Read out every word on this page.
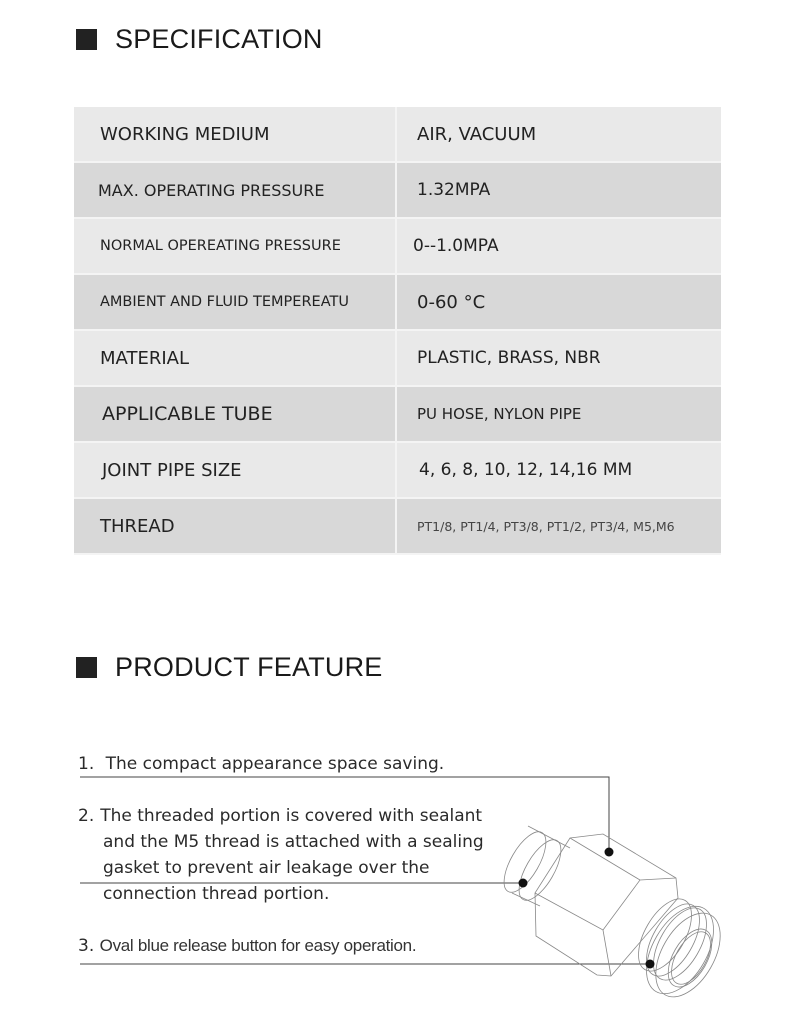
SPECIFICATION
WORKING MEDIUM	AIR, VACUUM
MAX. OPERATING PRESSURE	1.32MPA
NORMAL OPEREATING PRESSURE	0--1.0MPA
AMBIENT AND FLUID TEMPEREATU	0-60 °C
MATERIAL	PLASTIC, BRASS, NBR
APPLICABLE TUBE	PU HOSE, NYLON PIPE
JOINT PIPE SIZE	4, 6, 8, 10, 12, 14,16 MM
THREAD	PT1/8, PT1/4, PT3/8, PT1/2, PT3/4, M5,M6
PRODUCT FEATURE
1. The compact appearance space saving.
2. The threaded portion is covered with sealant
and the M5 thread is attached with a sealing
gasket to prevent air leakage over the
connection thread portion.
3. Oval blue release button for easy operation.
